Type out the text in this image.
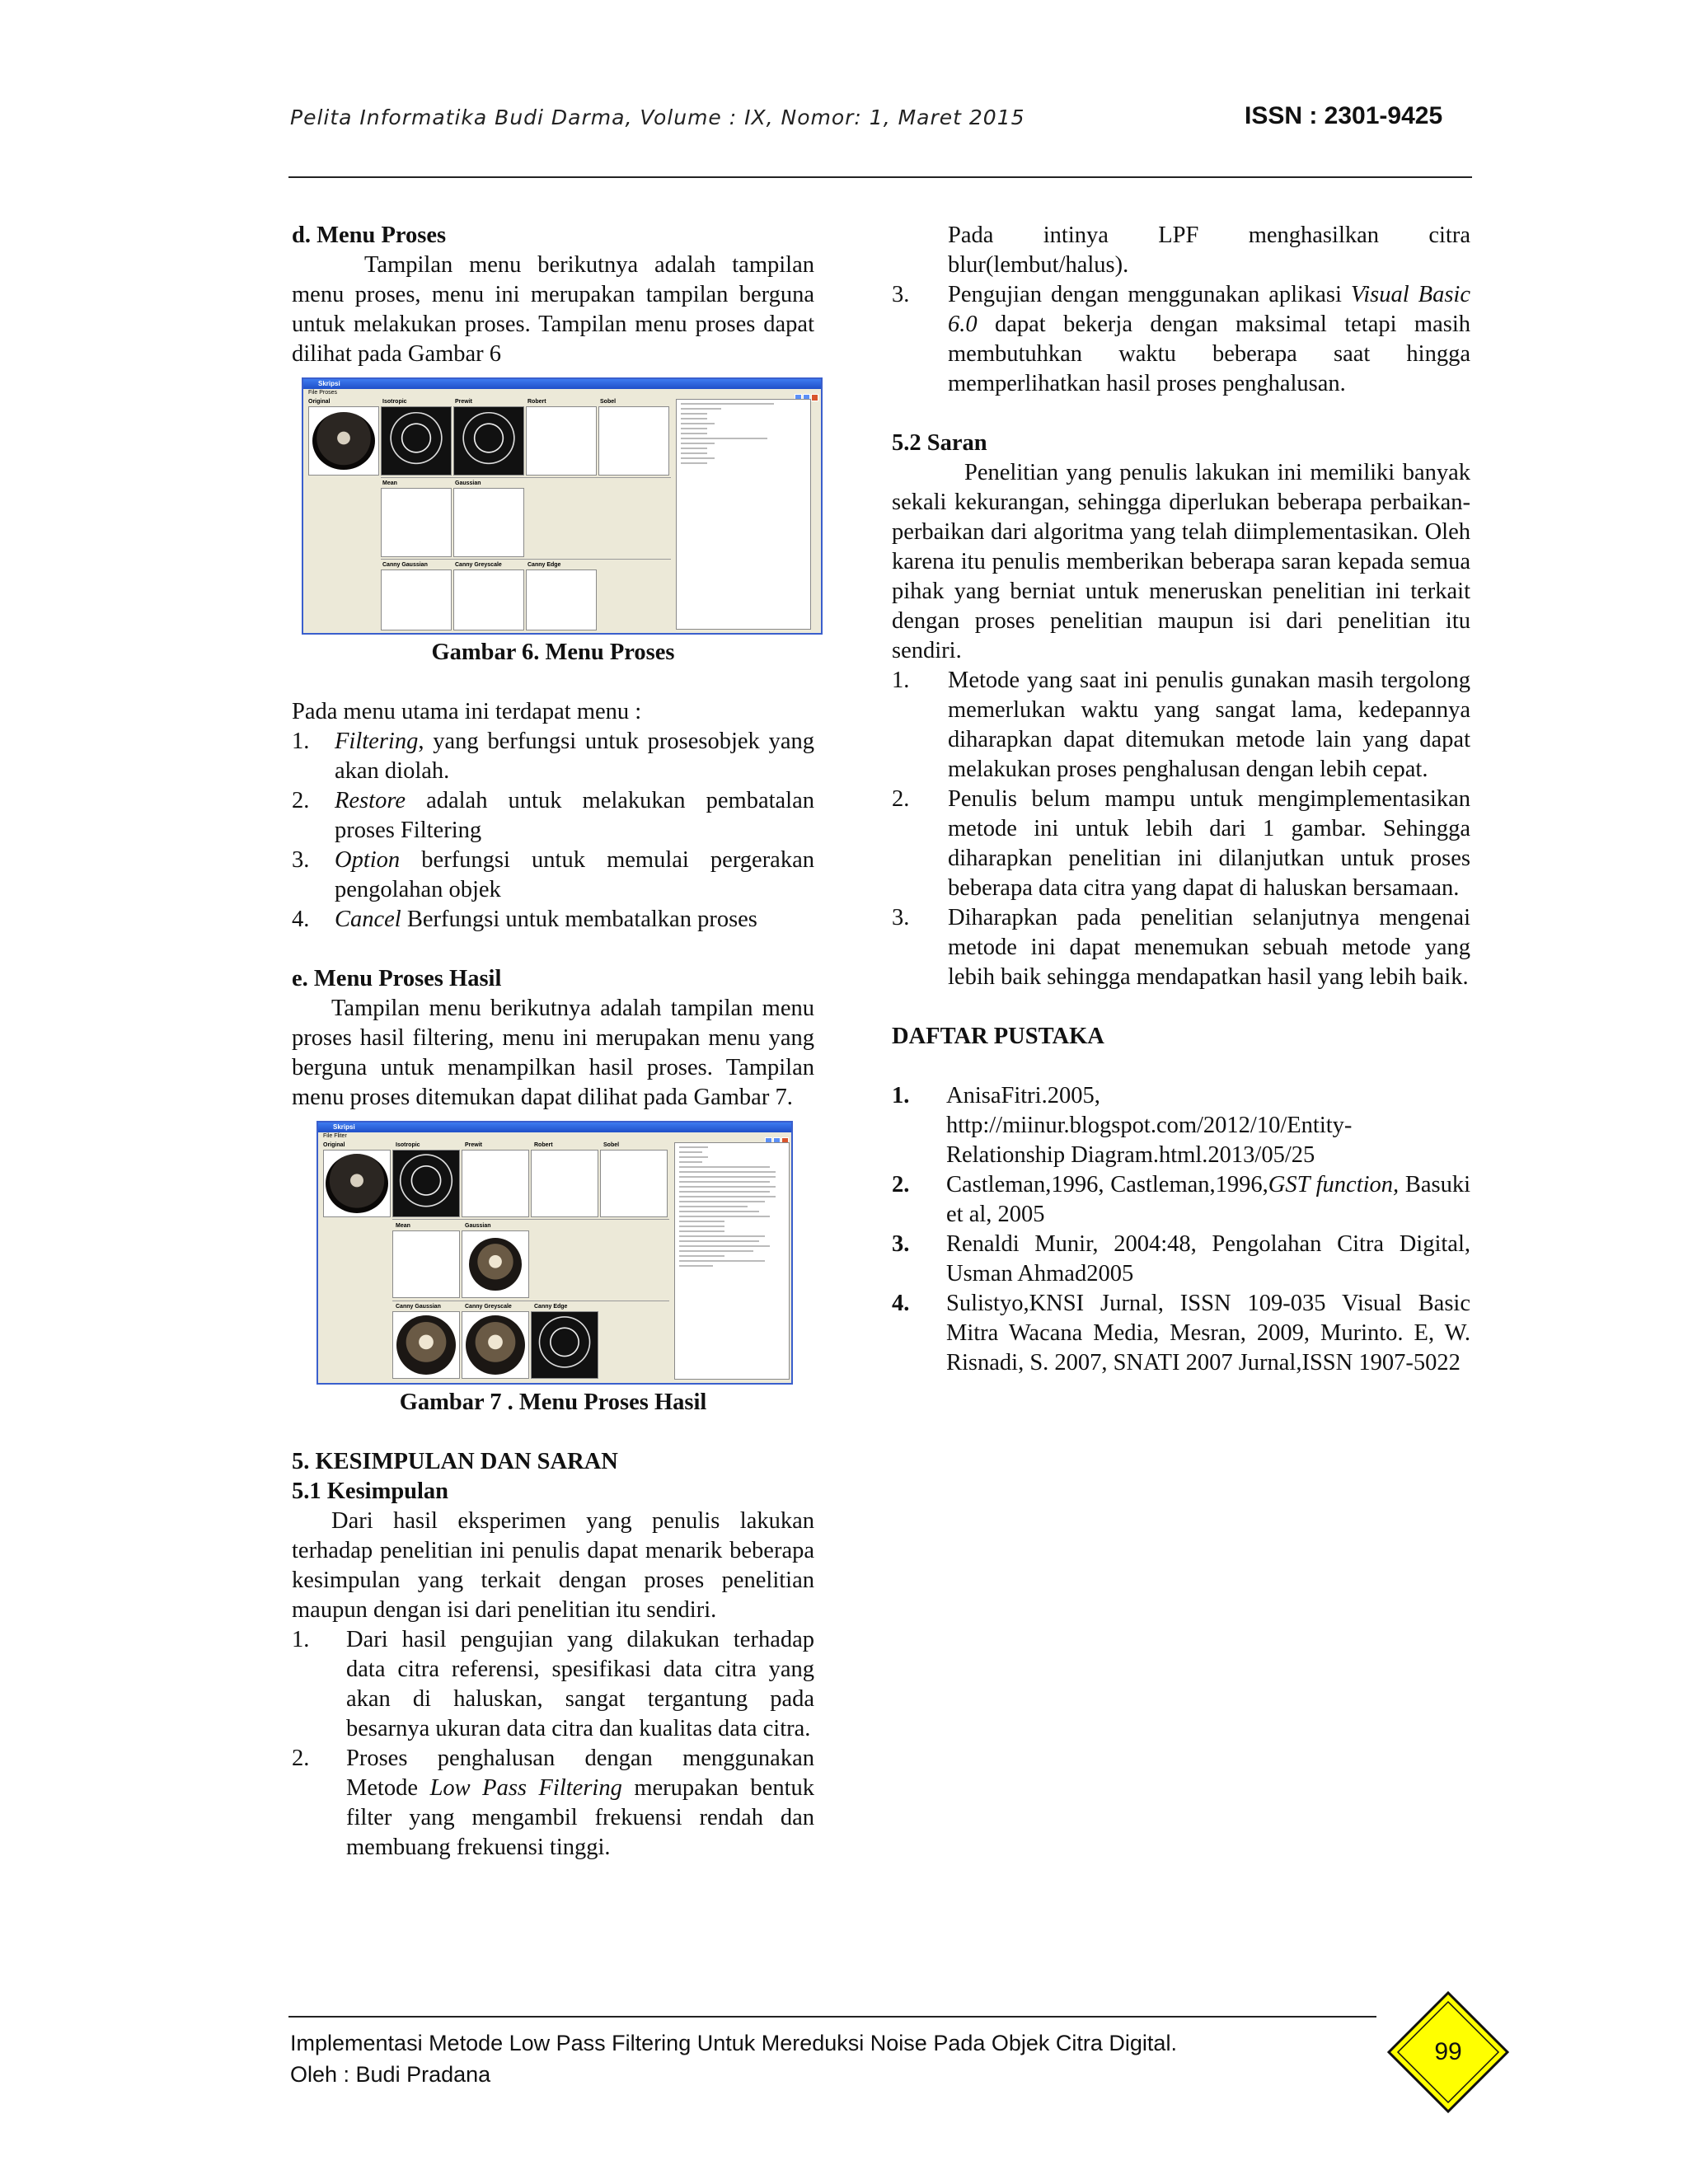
Pelita Informatika Budi Darma, Volume : IX, Nomor: 1, Maret 2015	ISSN : 2301-9425

d. Menu Proses

Tampilan menu berikutnya adalah tampilan menu proses, menu ini merupakan tampilan berguna untuk melakukan proses. Tampilan menu proses dapat dilihat pada Gambar 6

Skripsi
File Proses
Original	Isotropic	Prewit	Robert	Sobel
Mean	Gaussian
Canny Gaussian	Canny Greyscale	Canny Edge

Gambar 6. Menu Proses

Pada menu utama ini terdapat menu :

1. Filtering, yang berfungsi untuk prosesobjek yang akan diolah.
2. Restore adalah untuk melakukan pembatalan proses Filtering
3. Option berfungsi untuk memulai pergerakan pengolahan objek
4. Cancel Berfungsi untuk membatalkan proses

e. Menu Proses Hasil

Tampilan menu berikutnya adalah tampilan menu proses hasil filtering, menu ini merupakan menu yang berguna untuk menampilkan hasil proses. Tampilan menu proses ditemukan dapat dilihat pada Gambar 7.

Skripsi
File Fliter
Original	Isotropic	Prewit	Robert	Sobel
Mean	Gaussian
Canny Gaussian	Canny Greyscale	Canny Edge

Gambar 7 . Menu Proses Hasil

5. KESIMPULAN DAN SARAN

5.1 Kesimpulan

Dari hasil eksperimen yang penulis lakukan terhadap penelitian ini penulis dapat menarik beberapa kesimpulan yang terkait dengan proses penelitian maupun dengan isi dari penelitian itu sendiri.

1. Dari hasil pengujian yang dilakukan terhadap data citra referensi, spesifikasi data citra yang akan di haluskan, sangat tergantung pada besarnya ukuran data citra dan kualitas data citra.
2. Proses penghalusan dengan menggunakan Metode Low Pass Filtering merupakan bentuk filter yang mengambil frekuensi rendah dan membuang frekuensi tinggi.
Pada intinya LPF menghasilkan citra blur(lembut/halus).
3. Pengujian dengan menggunakan aplikasi Visual Basic 6.0 dapat bekerja dengan maksimal tetapi masih membutuhkan waktu beberapa saat hingga memperlihatkan hasil proses penghalusan.

5.2 Saran

Penelitian yang penulis lakukan ini memiliki banyak sekali kekurangan, sehingga diperlukan beberapa perbaikan-perbaikan dari algoritma yang telah diimplementasikan. Oleh karena itu penulis memberikan beberapa saran kepada semua pihak yang berniat untuk meneruskan penelitian ini terkait dengan proses penelitian maupun isi dari penelitian itu sendiri.

1. Metode yang saat ini penulis gunakan masih tergolong memerlukan waktu yang sangat lama, kedepannya diharapkan dapat ditemukan metode lain yang dapat melakukan proses penghalusan dengan lebih cepat.
2. Penulis belum mampu untuk mengimplementasikan metode ini untuk lebih dari 1 gambar. Sehingga diharapkan penelitian ini dilanjutkan untuk proses beberapa data citra yang dapat di haluskan bersamaan.
3. Diharapkan pada penelitian selanjutnya mengenai metode ini dapat menemukan sebuah metode yang lebih baik sehingga mendapatkan hasil yang lebih baik.

DAFTAR PUSTAKA

1. AnisaFitri.2005, http://miinur.blogspot.com/2012/10/Entity-Relationship Diagram.html.2013/05/25
2. Castleman,1996, Castleman,1996,GST function, Basuki et al, 2005
3. Renaldi Munir, 2004:48, Pengolahan Citra Digital, Usman Ahmad2005
4. Sulistyo,KNSI Jurnal, ISSN 109-035 Visual Basic Mitra Wacana Media, Mesran, 2009, Murinto. E, W. Risnadi, S. 2007, SNATI 2007 Jurnal,ISSN 1907-5022
Implementasi Metode Low Pass Filtering Untuk Mereduksi Noise Pada Objek Citra Digital.
Oleh : Budi Pradana
99
